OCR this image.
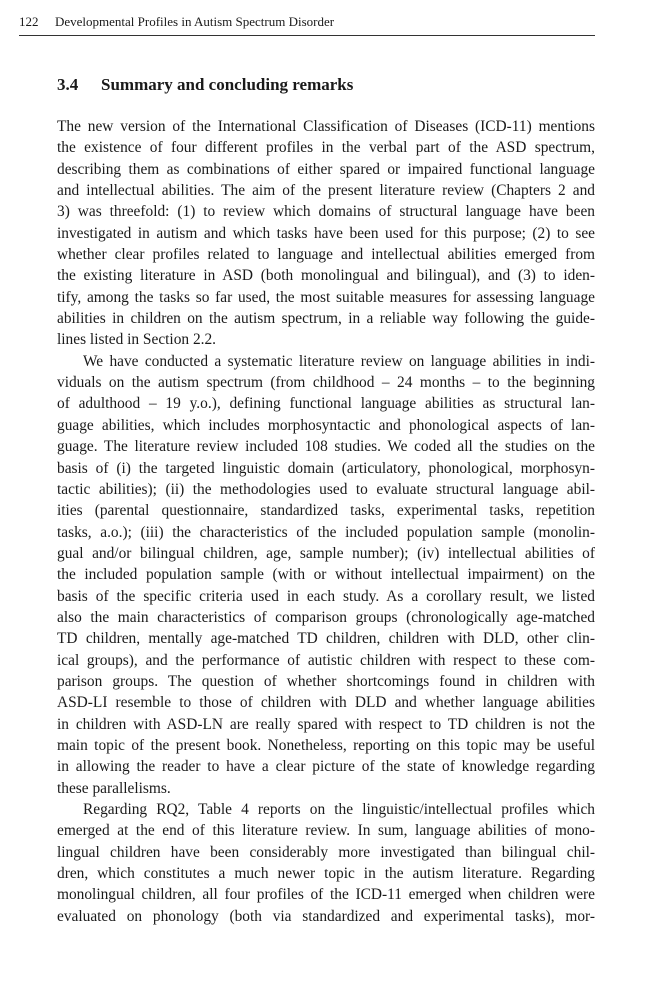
122 Developmental Profiles in Autism Spectrum Disorder
3.4 Summary and concluding remarks
The new version of the International Classification of Diseases (ICD-11) mentions
the existence of four different profiles in the verbal part of the ASD spectrum,
describing them as combinations of either spared or impaired functional language
and intellectual abilities. The aim of the present literature review (Chapters 2 and
3) was threefold: (1) to review which domains of structural language have been
investigated in autism and which tasks have been used for this purpose; (2) to see
whether clear profiles related to language and intellectual abilities emerged from
the existing literature in ASD (both monolingual and bilingual), and (3) to iden-
tify, among the tasks so far used, the most suitable measures for assessing language
abilities in children on the autism spectrum, in a reliable way following the guide-
lines listed in Section 2.2.
We have conducted a systematic literature review on language abilities in indi-
viduals on the autism spectrum (from childhood – 24 months – to the beginning
of adulthood – 19 y.o.), defining functional language abilities as structural lan-
guage abilities, which includes morphosyntactic and phonological aspects of lan-
guage. The literature review included 108 studies. We coded all the studies on the
basis of (i) the targeted linguistic domain (articulatory, phonological, morphosyn-
tactic abilities); (ii) the methodologies used to evaluate structural language abil-
ities (parental questionnaire, standardized tasks, experimental tasks, repetition
tasks, a.o.); (iii) the characteristics of the included population sample (monolin-
gual and/or bilingual children, age, sample number); (iv) intellectual abilities of
the included population sample (with or without intellectual impairment) on the
basis of the specific criteria used in each study. As a corollary result, we listed
also the main characteristics of comparison groups (chronologically age-matched
TD children, mentally age-matched TD children, children with DLD, other clin-
ical groups), and the performance of autistic children with respect to these com-
parison groups. The question of whether shortcomings found in children with
ASD-LI resemble to those of children with DLD and whether language abilities
in children with ASD-LN are really spared with respect to TD children is not the
main topic of the present book. Nonetheless, reporting on this topic may be useful
in allowing the reader to have a clear picture of the state of knowledge regarding
these parallelisms.
Regarding RQ2, Table 4 reports on the linguistic/intellectual profiles which
emerged at the end of this literature review. In sum, language abilities of mono-
lingual children have been considerably more investigated than bilingual chil-
dren, which constitutes a much newer topic in the autism literature. Regarding
monolingual children, all four profiles of the ICD-11 emerged when children were
evaluated on phonology (both via standardized and experimental tasks), mor-
